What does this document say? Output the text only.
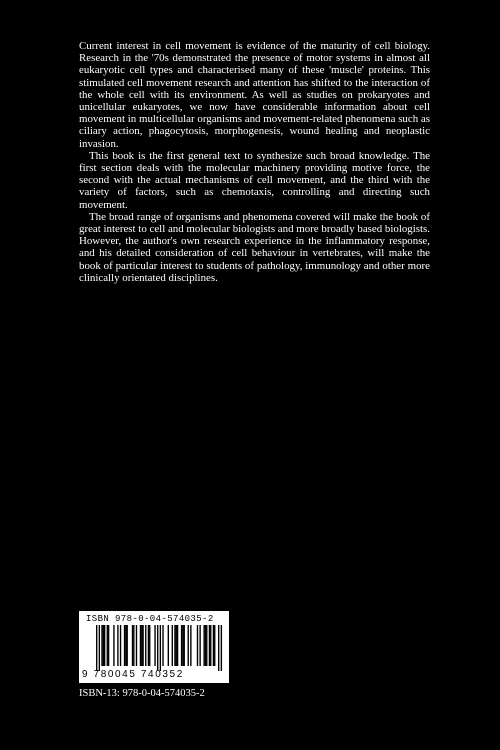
Current interest in cell movement is evidence of the maturity of cell biology. Research in the '70s demonstrated the presence of motor systems in almost all eukaryotic cell types and characterised many of these 'muscle' proteins. This stimulated cell movement research and attention has shifted to the interaction of the whole cell with its environment. As well as studies on prokaryotes and unicellular eukaryotes, we now have considerable information about cell movement in multicellular organisms and movement-related phenomena such as ciliary action, phagocytosis, morphogenesis, wound healing and neoplastic invasion.

This book is the first general text to synthesize such broad knowledge. The first section deals with the molecular machinery providing motive force, the second with the actual mechanisms of cell movement, and the third with the variety of factors, such as chemotaxis, controlling and directing such movement.

The broad range of organisms and phenomena covered will make the book of great interest to cell and molecular biologists and more broadly based biologists. However, the author's own research experience in the inflammatory response, and his detailed consideration of cell behaviour in vertebrates, will make the book of particular interest to students of pathology, immunology and other more clinically orientated disciplines.

ISBN 978-0-04-574035-2
9 780045 740352
ISBN-13: 978-0-04-574035-2
